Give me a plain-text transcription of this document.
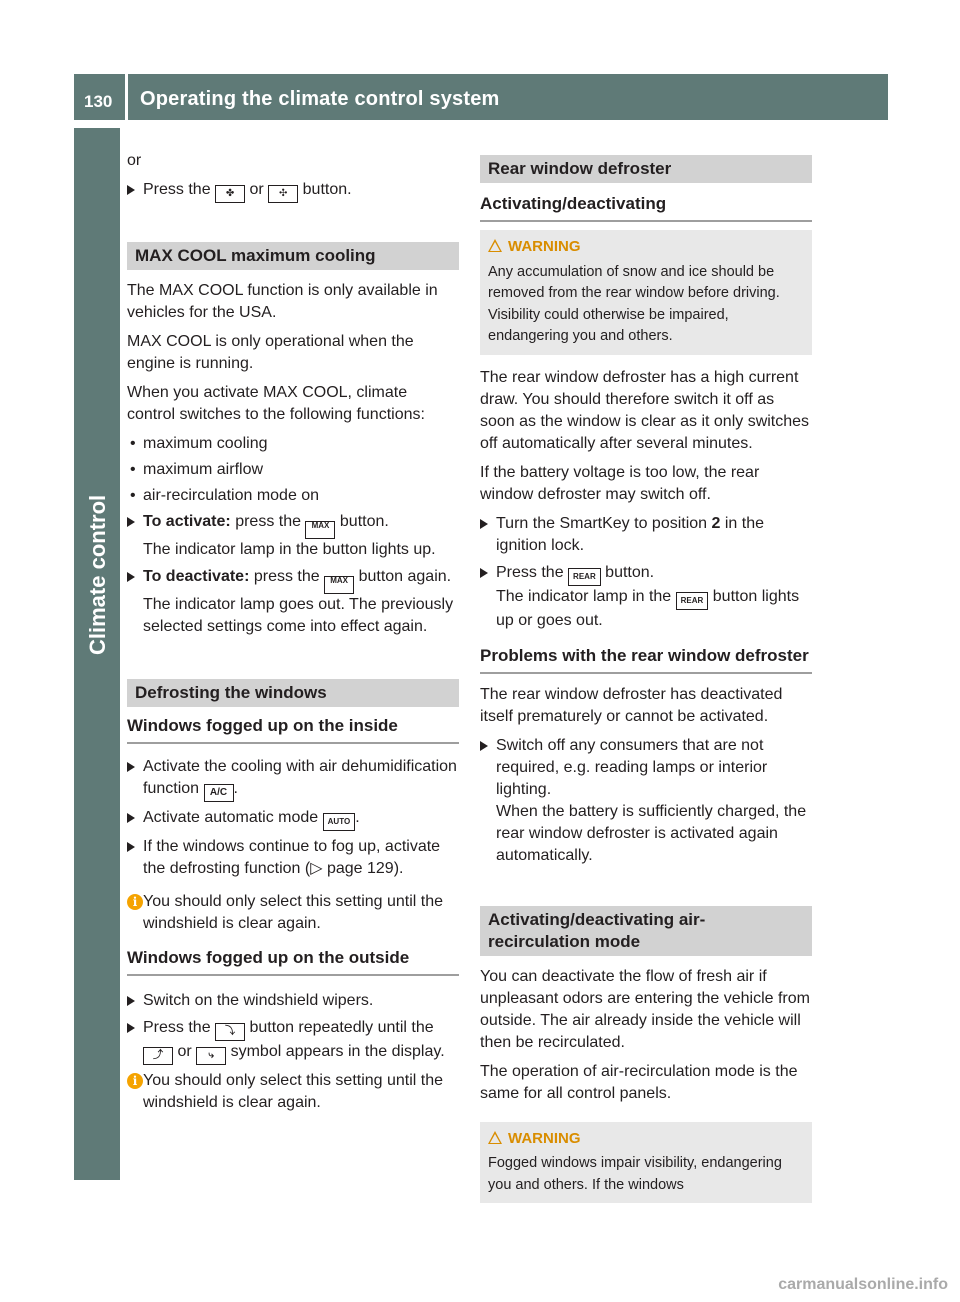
130 Operating the climate control system
Climate control

or

Press the ✤ or ✣ button.

MAX COOL maximum cooling

The MAX COOL function is only available in vehicles for the USA.

MAX COOL is only operational when the engine is running.

When you activate MAX COOL, climate control switches to the following functions:

• maximum cooling
• maximum airflow
• air-recirculation mode on
To activate: press the MAX button.
The indicator lamp in the button lights up.
To deactivate: press the MAX button again.
The indicator lamp goes out. The previously selected settings come into effect again.

Defrosting the windows

Windows fogged up on the inside

Activate the cooling with air dehumidification function A/C .
Activate automatic mode AUTO .
If the windows continue to fog up, activate the defrosting function (▷ page 129).
i You should only select this setting until the windshield is clear again.

Windows fogged up on the outside

Switch on the windshield wipers.
Press the ⤵ button repeatedly until the ⤴ or ⤷ symbol appears in the display.
i You should only select this setting until the windshield is clear again.

Rear window defroster

Activating/deactivating

WARNING

Any accumulation of snow and ice should be removed from the rear window before driving. Visibility could otherwise be impaired, endangering you and others.

The rear window defroster has a high current draw. You should therefore switch it off as soon as the window is clear as it only switches off automatically after several minutes.

If the battery voltage is too low, the rear window defroster may switch off.

Turn the SmartKey to position 2 in the ignition lock.
Press the REAR button.
The indicator lamp in the REAR button lights up or goes out.

Problems with the rear window defroster

The rear window defroster has deactivated itself prematurely or cannot be activated.

Switch off any consumers that are not required, e.g. reading lamps or interior lighting.
When the battery is sufficiently charged, the rear window defroster is activated again automatically.

Activating/deactivating air-recirculation mode

You can deactivate the flow of fresh air if unpleasant odors are entering the vehicle from outside. The air already inside the vehicle will then be recirculated.

The operation of air-recirculation mode is the same for all control panels.

WARNING

Fogged windows impair visibility, endangering you and others. If the windows
carmanualsonline.info
